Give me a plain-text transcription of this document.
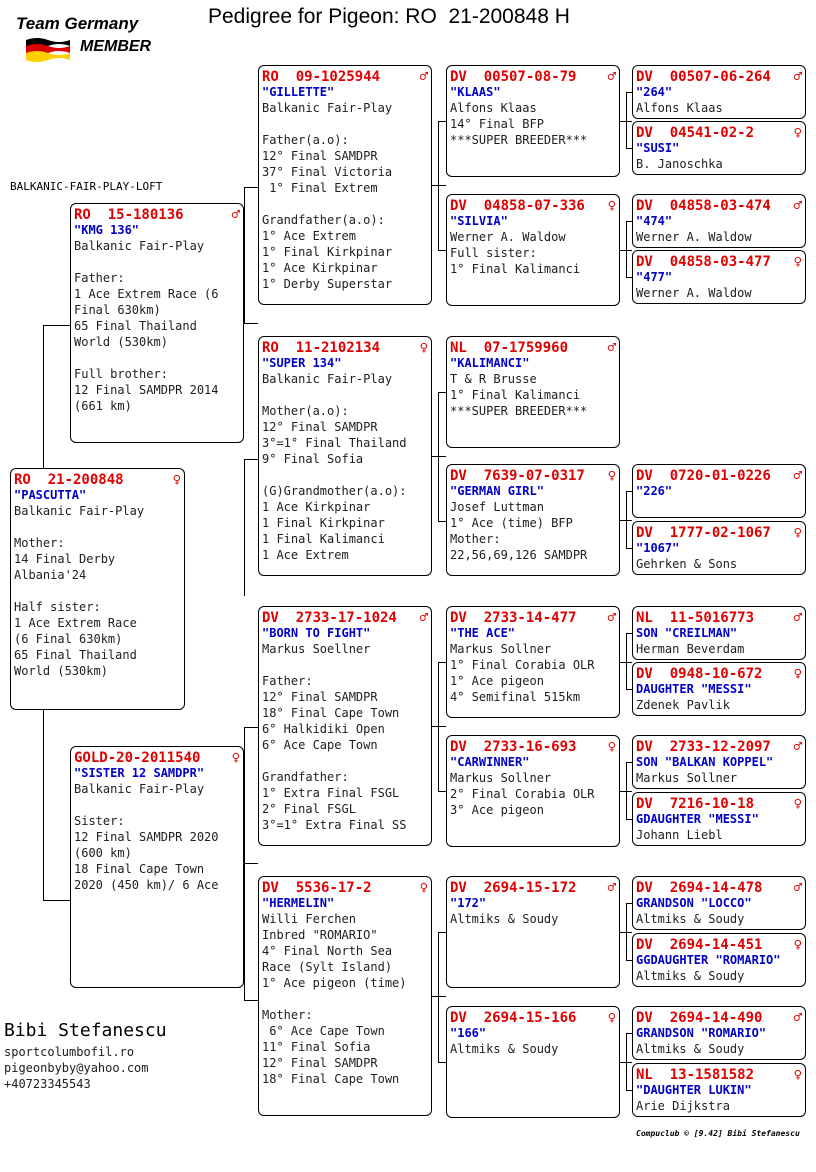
Pedigree for Pigeon: RO  21-200848 H
Team Germany
MEMBER
BALKANIC-FAIR-PLAY-LOFT
RO  21-200848	♀
"PASCUTTA"
Balkanic Fair-Play
Mother:
14 Final Derby
Albania'24
Half sister:
1 Ace Extrem Race
(6 Final 630km)
65 Final Thailand
World (530km)
RO  15-180136	♂
"KMG 136"
Balkanic Fair-Play
Father:
1 Ace Extrem Race (6
Final 630km)
65 Final Thailand
World (530km)
Full brother:
12 Final SAMDPR 2014
(661 km)
GOLD-20-2011540 ♀
"SISTER 12 SAMDPR"
Balkanic Fair-Play
Sister:
12 Final SAMDPR 2020
(600 km)
18 Final Cape Town
2020 (450 km)/ 6 Ace
RO  09-1025944	♂
"GILLETTE"
Balkanic Fair-Play
Father(a.o):
12° Final SAMDPR
37° Final Victoria
1° Final Extrem
Grandfather(a.o):
1° Ace Extrem
1° Final Kirkpinar
1° Ace Kirkpinar
1° Derby Superstar
RO  11-2102134	♀
"SUPER 134"
Balkanic Fair-Play
Mother(a.o):
12° Final SAMDPR
3°=1° Final Thailand
9° Final Sofia
(G)Grandmother(a.o):
1 Ace Kirkpinar
1 Final Kirkpinar
1 Final Kalimanci
1 Ace Extrem
DV  2733-17-1024 ♂
"BORN TO FIGHT"
Markus Soellner
Father:
12° Final SAMDPR
18° Final Cape Town
6° Halkidiki Open
6° Ace Cape Town
Grandfather:
1° Extra Final FSGL
2° Final FSGL
3°=1° Extra Final SS
DV  5536-17-2	♀
"HERMELIN"
Willi Ferchen
Inbred "ROMARIO"
4° Final North Sea
Race (Sylt Island)
1° Ace pigeon (time)
Mother:
6° Ace Cape Town
11° Final Sofia
12° Final SAMDPR
18° Final Cape Town
DV  00507-08-79 ♂
"KLAAS"
Alfons Klaas
14° Final BFP
***SUPER BREEDER***
DV  04858-07-336 ♀
"SILVIA"
Werner A. Waldow
Full sister:
1° Final Kalimanci
NL  07-1759960	♂
"KALIMANCI"
T & R Brusse
1° Final Kalimanci
***SUPER BREEDER***
DV  7639-07-0317 ♀
"GERMAN GIRL"
Josef Luttman
1° Ace (time) BFP
Mother:
22,56,69,126 SAMDPR
DV  2733-14-477 ♂
"THE ACE"
Markus Sollner
1° Final Corabia OLR
1° Ace pigeon
4° Semifinal 515km
DV  2733-16-693 ♀
"CARWINNER"
Markus Sollner
2° Final Corabia OLR
3° Ace pigeon
DV  2694-15-172 ♂
"172"
Altmiks & Soudy
DV  2694-15-166 ♀
"166"
Altmiks & Soudy
DV  00507-06-264 ♂
"264"
Alfons Klaas
DV  04541-02-2	♀
"SUSI"
B. Janoschka
DV  04858-03-474 ♂
"474"
Werner A. Waldow
DV  04858-03-477 ♀
"477"
Werner A. Waldow
DV  0720-01-0226 ♂
"226"
DV  1777-02-1067 ♀
"1067"
Gehrken & Sons
NL  11-5016773	♂
SON "CREILMAN"
Herman Beverdam
DV  0948-10-672 ♀
DAUGHTER "MESSI"
Zdenek Pavlik
DV  2733-12-2097 ♂
SON "BALKAN KOPPEL"
Markus Sollner
DV  7216-10-18	♀
GDAUGHTER "MESSI"
Johann Liebl
DV  2694-14-478 ♂
GRANDSON "LOCCO"
Altmiks & Soudy
DV  2694-14-451 ♀
GGDAUGHTER "ROMARIO"
Altmiks & Soudy
DV  2694-14-490 ♂
GRANDSON "ROMARIO"
Altmiks & Soudy
NL  13-1581582	♀
"DAUGHTER LUKIN"
Arie Dijkstra
Bibi Stefanescu
sportcolumbofil.ro
pigeonbyby@yahoo.com
+40723345543
Compuclub © [9.42] Bibi Stefanescu
